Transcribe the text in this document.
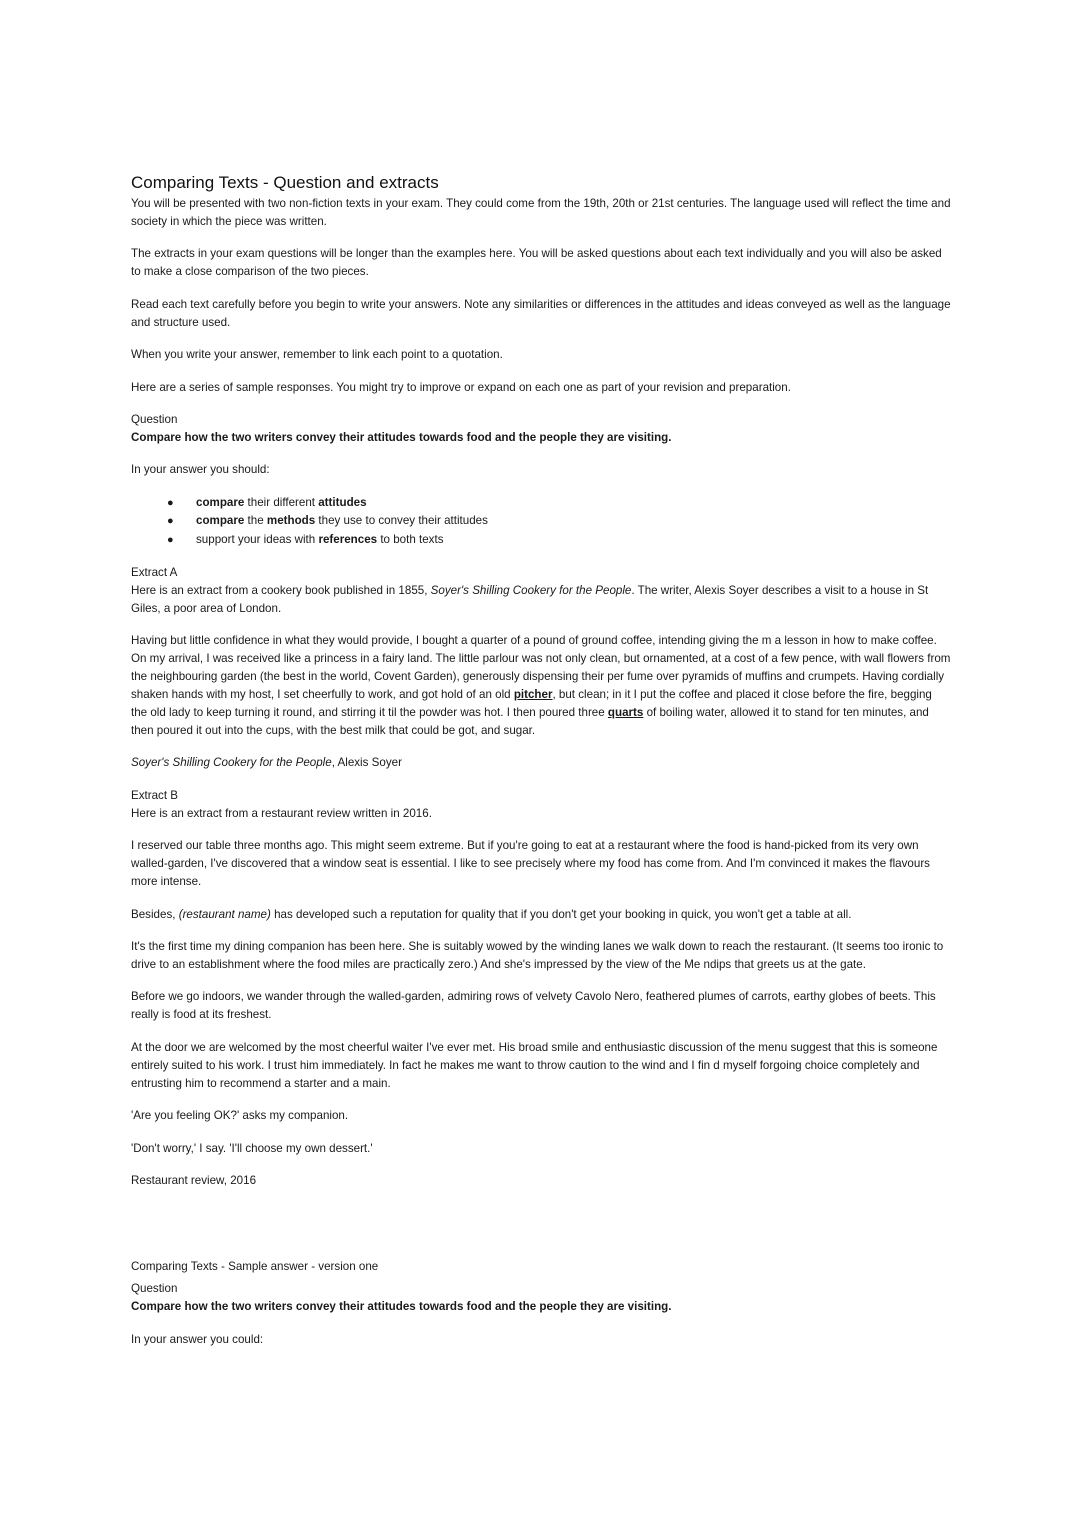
Comparing Texts - Question and extracts

You will be presented with two non-fiction texts in your exam. They could come from the 19th, 20th or 21st centuries. The language used will reflect the time and society in which the piece was written.

The extracts in your exam questions will be longer than the examples here. You will be asked questions about each text individually and you will also be asked to make a close comparison of the two pieces.

Read each text carefully before you begin to write your answers. Note any similarities or differences in the attitudes and ideas conveyed as well as the language and structure used.

When you write your answer, remember to link each point to a quotation.

Here are a series of sample responses. You might try to improve or expand on each one as part of your revision and preparation.

Question

Compare how the two writers convey their attitudes towards food and the people they are visiting.

In your answer you should:

● compare their different attitudes
● compare the methods they use to convey their attitudes
● support your ideas with references to both texts

Extract A

Here is an extract from a cookery book published in 1855, Soyer's Shilling Cookery for the People. The writer, Alexis Soyer describes a visit to a house in St Giles, a poor area of London.

Having but little confidence in what they would provide, I bought a quarter of a pound of ground coffee, intending giving the m a lesson in how to make coffee. On my arrival, I was received like a princess in a fairy land. The little parlour was not only clean, but ornamented, at a cost of a few pence, with wall flowers from the neighbouring garden (the best in the world, Covent Garden), generously dispensing their per fume over pyramids of muffins and crumpets. Having cordially shaken hands with my host, I set cheerfully to work, and got hold of an old pitcher, but clean; in it I put the coffee and placed it close before the fire, begging the old lady to keep turning it round, and stirring it til the powder was hot. I then poured three quarts of boiling water, allowed it to stand for ten minutes, and then poured it out into the cups, with the best milk that could be got, and sugar.

Soyer's Shilling Cookery for the People, Alexis Soyer

Extract B

Here is an extract from a restaurant review written in 2016.

I reserved our table three months ago. This might seem extreme. But if you're going to eat at a restaurant where the food is hand-picked from its very own walled-garden, I've discovered that a window seat is essential. I like to see precisely where my food has come from. And I'm convinced it makes the flavours more intense.

Besides, (restaurant name) has developed such a reputation for quality that if you don't get your booking in quick, you won't get a table at all.

It's the first time my dining companion has been here. She is suitably wowed by the winding lanes we walk down to reach the restaurant. (It seems too ironic to drive to an establishment where the food miles are practically zero.) And she's impressed by the view of the Me ndips that greets us at the gate.

Before we go indoors, we wander through the walled-garden, admiring rows of velvety Cavolo Nero, feathered plumes of carrots, earthy globes of beets. This really is food at its freshest.

At the door we are welcomed by the most cheerful waiter I've ever met. His broad smile and enthusiastic discussion of the menu suggest that this is someone entirely suited to his work. I trust him immediately. In fact he makes me want to throw caution to the wind and I fin d myself forgoing choice completely and entrusting him to recommend a starter and a main.

'Are you feeling OK?' asks my companion.

'Don't worry,' I say. 'I'll choose my own dessert.'

Restaurant review, 2016

Comparing Texts - Sample answer - version one

Question

Compare how the two writers convey their attitudes towards food and the people they are visiting.

In your answer you could:
